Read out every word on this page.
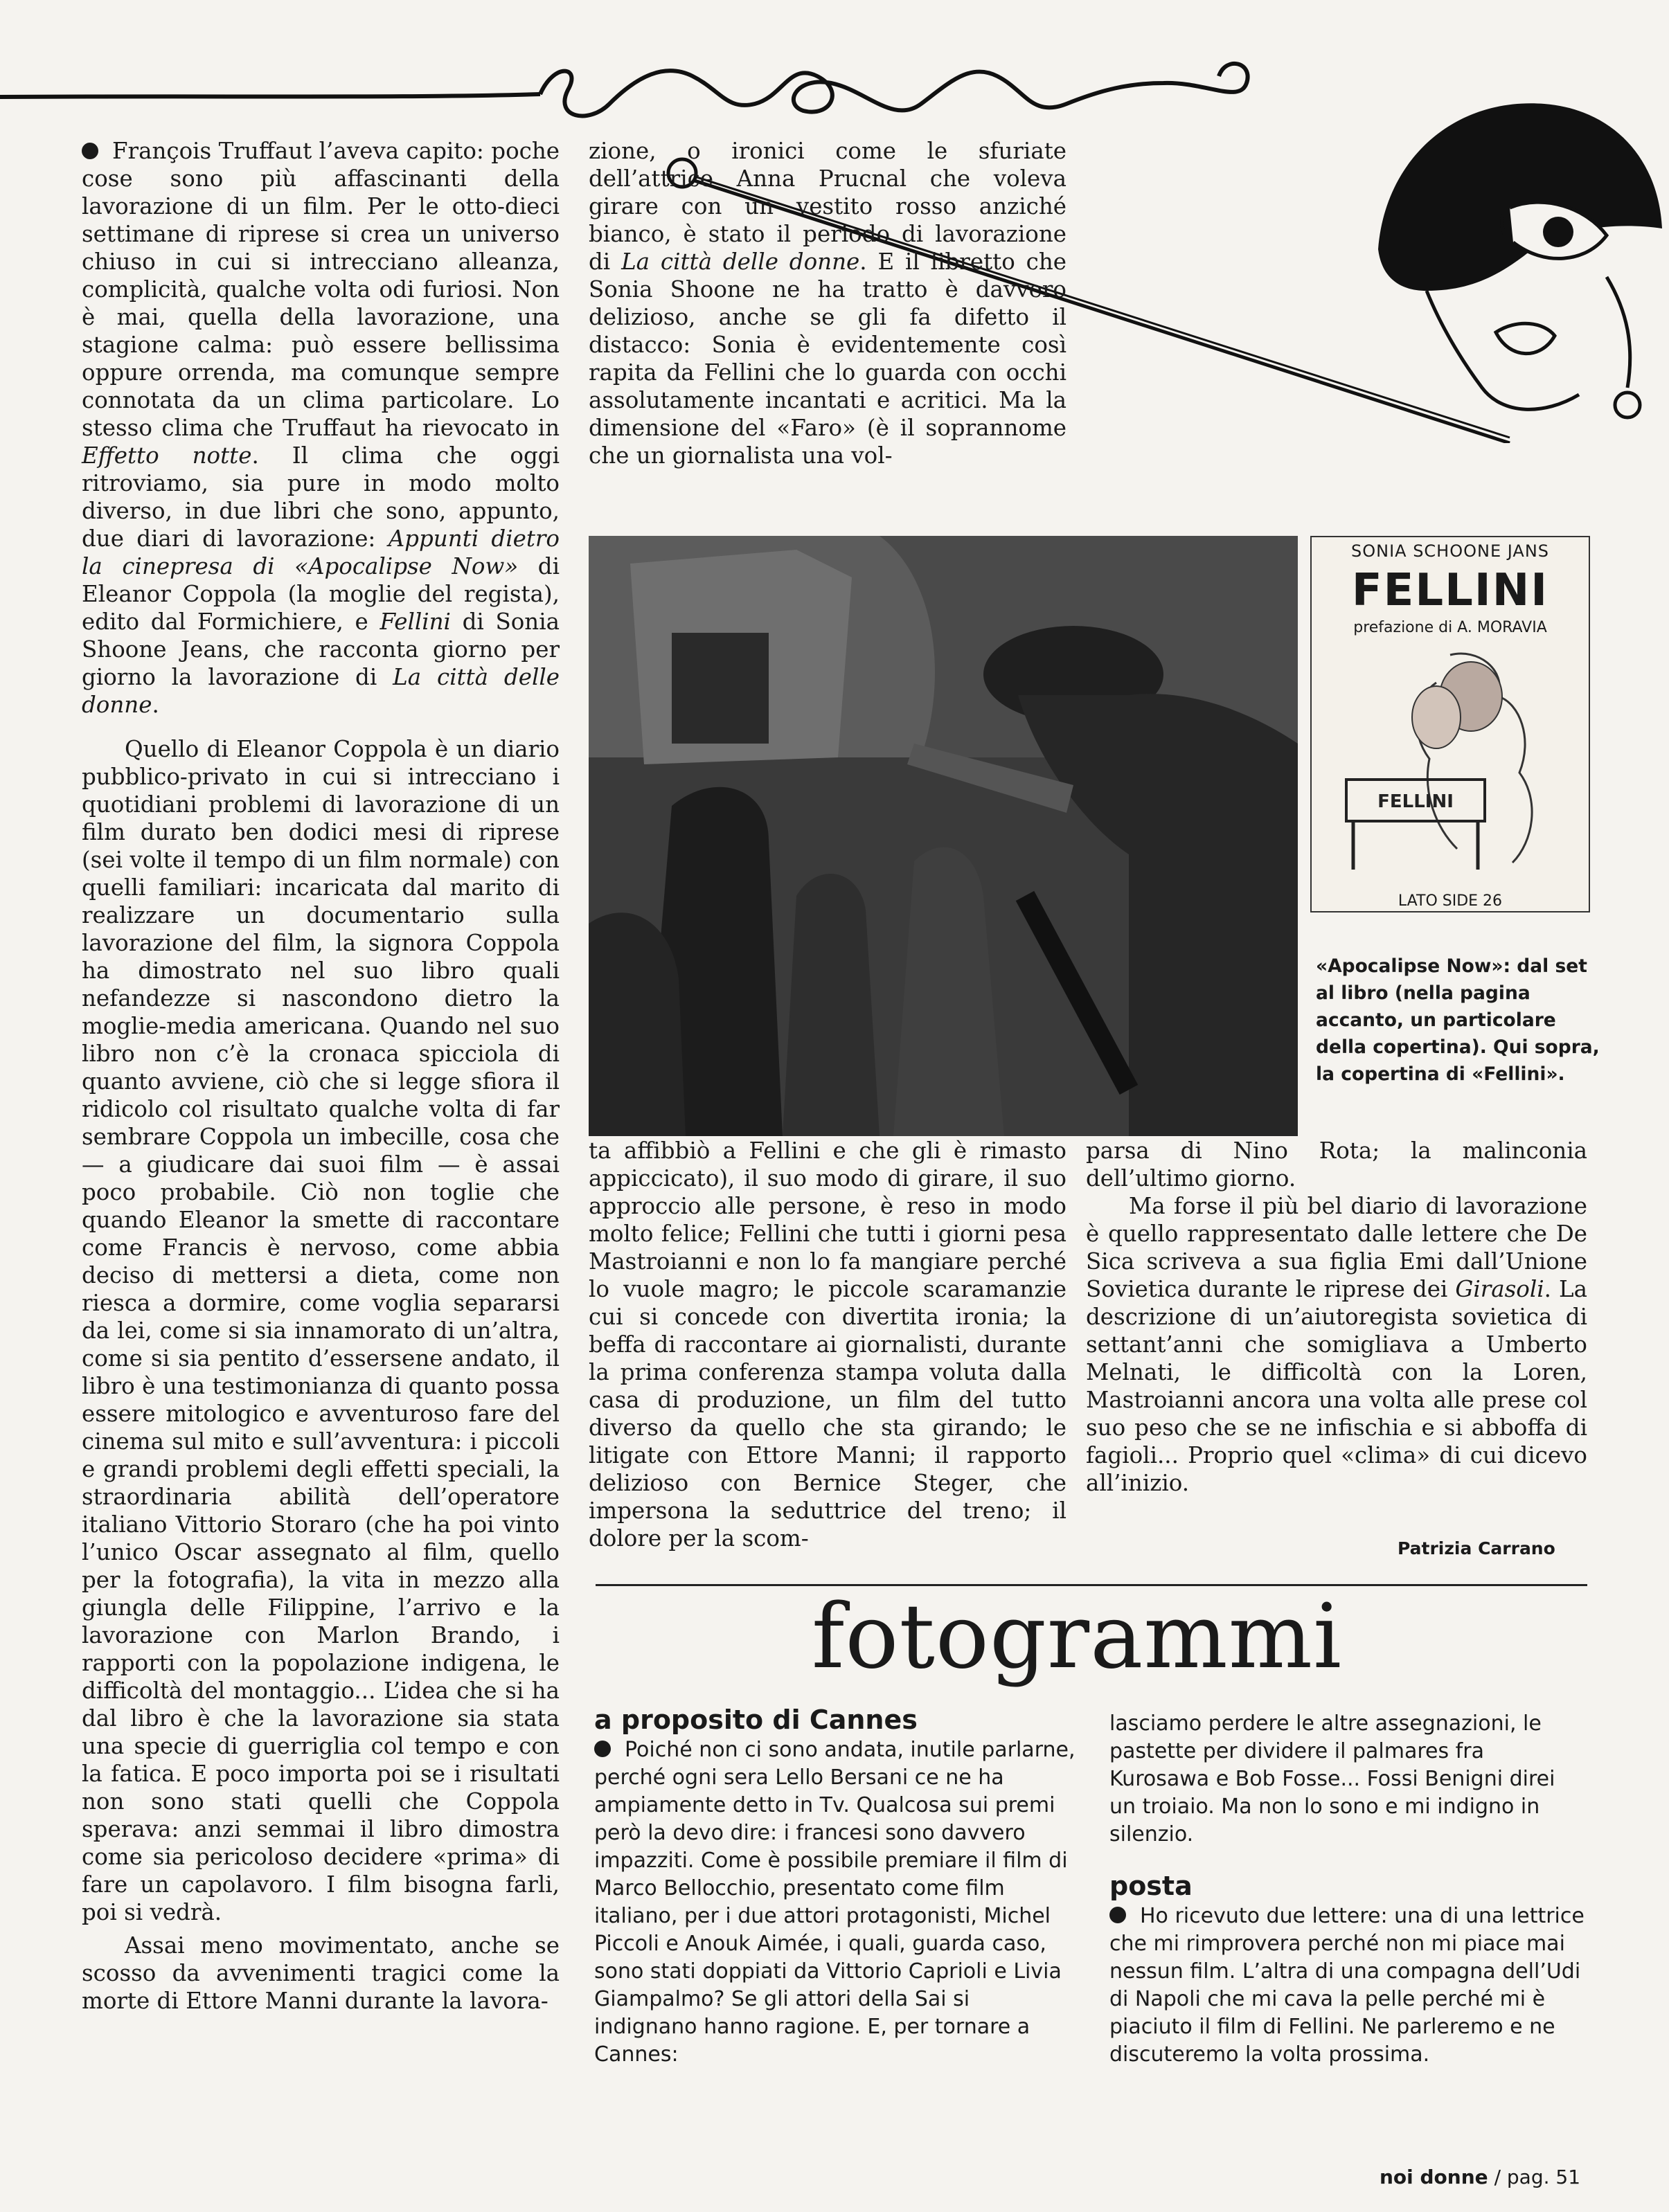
François Truffaut l’aveva capito: poche cose sono più affascinanti della lavorazione di un film. Per le otto-dieci settimane di riprese si crea un universo chiuso in cui si intrecciano alleanza, complicità, qualche volta odi furiosi. Non è mai, quella della lavorazione, una stagione calma: può essere bellissima oppure orrenda, ma comunque sempre connotata da un clima particolare. Lo stesso clima che Truffaut ha rievocato in Effetto notte. Il clima che oggi ritroviamo, sia pure in modo molto diverso, in due libri che sono, appunto, due diari di lavorazione: Appunti dietro la cinepresa di «Apocalipse Now» di Eleanor Coppola (la moglie del regista), edito dal Formichiere, e Fellini di Sonia Shoone Jeans, che racconta giorno per giorno la lavorazione di La città delle donne.

Quello di Eleanor Coppola è un diario pubblico-privato in cui si intrecciano i quotidiani problemi di lavorazione di un film durato ben dodici mesi di riprese (sei volte il tempo di un film normale) con quelli familiari: incaricata dal marito di realizzare un documentario sulla lavorazione del film, la signora Coppola ha dimostrato nel suo libro quali nefandezze si nascondono dietro la moglie-media americana. Quando nel suo libro non c’è la cronaca spicciola di quanto avviene, ciò che si legge sfiora il ridicolo col risultato qualche volta di far sembrare Coppola un imbecille, cosa che — a giudicare dai suoi film — è assai poco probabile. Ciò non toglie che quando Eleanor la smette di raccontare come Francis è nervoso, come abbia deciso di mettersi a dieta, come non riesca a dormire, come voglia separarsi da lei, come si sia innamorato di un’altra, come si sia pentito d’essersene andato, il libro è una testimonianza di quanto possa essere mitologico e avventuroso fare del cinema sul mito e sull’avventura: i piccoli e grandi problemi degli effetti speciali, la straordinaria abilità dell’operatore italiano Vittorio Storaro (che ha poi vinto l’unico Oscar assegnato al film, quello per la fotografia), la vita in mezzo alla giungla delle Filippine, l’arrivo e la lavorazione con Marlon Brando, i rapporti con la popolazione indigena, le difficoltà del montaggio... L’idea che si ha dal libro è che la lavorazione sia stata una specie di guerriglia col tempo e con la fatica. E poco importa poi se i risultati non sono stati quelli che Coppola sperava: anzi semmai il libro dimostra come sia pericoloso decidere «prima» di fare un capolavoro. I film bisogna farli, poi si vedrà.

Assai meno movimentato, anche se scosso da avvenimenti tragici come la morte di Ettore Manni durante la lavora-

zione, o ironici come le sfuriate dell’attrice Anna Prucnal che voleva girare con un vestito rosso anziché bianco, è stato il periodo di lavorazione di La città delle donne. E il libretto che Sonia Shoone ne ha tratto è davvero delizioso, anche se gli fa difetto il distacco: Sonia è evidentemente così rapita da Fellini che lo guarda con occhi assolutamente incantati e acritici. Ma la dimensione del «Faro» (è il soprannome che un giornalista una vol-

SONIA SCHOONE JANS
FELLINI
prefazione di A. MORAVIA
FELLINI
LATO SIDE 26
«Apocalipse Now»: dal set al libro (nella pagina accanto, un particolare della copertina). Qui sopra, la copertina di «Fellini».

ta affibbiò a Fellini e che gli è rimasto appiccicato), il suo modo di girare, il suo approccio alle persone, è reso in modo molto felice; Fellini che tutti i giorni pesa Mastroianni e non lo fa mangiare perché lo vuole magro; le piccole scaramanzie cui si concede con divertita ironia; la beffa di raccontare ai giornalisti, durante la prima conferenza stampa voluta dalla casa di produzione, un film del tutto diverso da quello che sta girando; le litigate con Ettore Manni; il rapporto delizioso con Bernice Steger, che impersona la seduttrice del treno; il dolore per la scom-

parsa di Nino Rota; la malinconia dell’ultimo giorno.

Ma forse il più bel diario di lavorazione è quello rappresentato dalle lettere che De Sica scriveva a sua figlia Emi dall’Unione Sovietica durante le riprese dei Girasoli. La descrizione di un’aiutoregista sovietica di settant’anni che somigliava a Umberto Melnati, le difficoltà con la Loren, Mastroianni ancora una volta alle prese col suo peso che se ne infischia e si abboffa di fagioli... Proprio quel «clima» di cui dicevo all’inizio.

Patrizia Carrano
fotogrammi

a proposito di Cannes

Poiché non ci sono andata, inutile parlarne, perché ogni sera Lello Bersani ce ne ha ampiamente detto in Tv. Qualcosa sui premi però la devo dire: i francesi sono davvero impazziti. Come è possibile premiare il film di Marco Bellocchio, presentato come film italiano, per i due attori protagonisti, Michel Piccoli e Anouk Aimée, i quali, guarda caso, sono stati doppiati da Vittorio Caprioli e Livia Giampalmo? Se gli attori della Sai si indignano hanno ragione. E, per tornare a Cannes:

lasciamo perdere le altre assegnazioni, le pastette per dividere il palmares fra Kurosawa e Bob Fosse... Fossi Benigni direi un troiaio. Ma non lo sono e mi indigno in silenzio.

posta

Ho ricevuto due lettere: una di una lettrice che mi rimprovera perché non mi piace mai nessun film. L’altra di una compagna dell’Udi di Napoli che mi cava la pelle perché mi è piaciuto il film di Fellini. Ne parleremo e ne discuteremo la volta prossima.

noi donne / pag. 51
